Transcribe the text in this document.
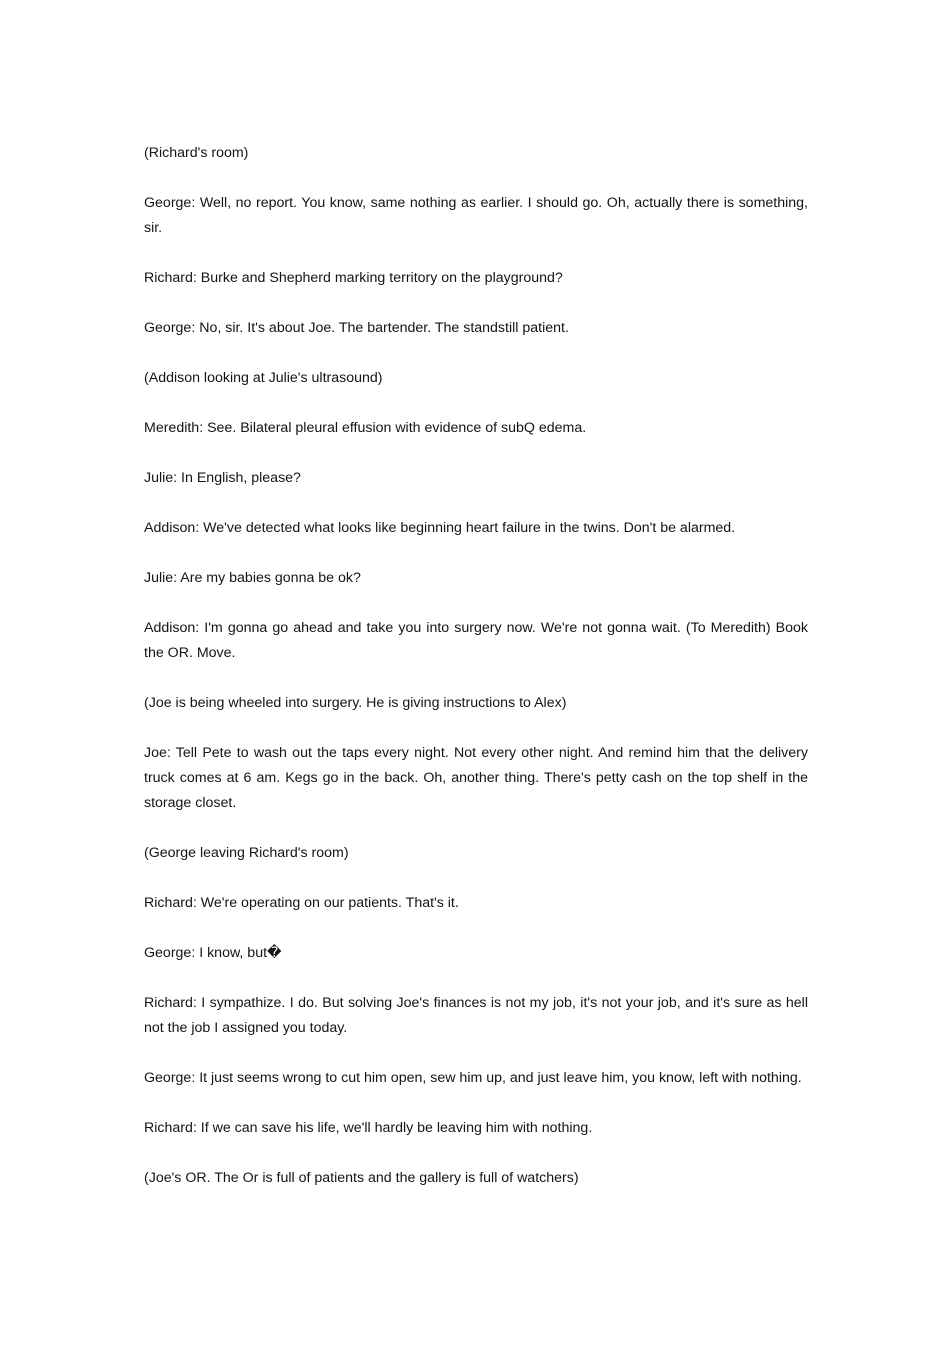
(Richard's room)

George: Well, no report. You know, same nothing as earlier. I should go. Oh, actually there is something, sir.

Richard: Burke and Shepherd marking territory on the playground?

George: No, sir. It's about Joe. The bartender. The standstill patient.

(Addison looking at Julie's ultrasound)

Meredith: See. Bilateral pleural effusion with evidence of subQ edema.

Julie: In English, please?

Addison: We've detected what looks like beginning heart failure in the twins. Don't be alarmed.

Julie: Are my babies gonna be ok?

Addison: I'm gonna go ahead and take you into surgery now. We're not gonna wait. (To Meredith) Book the OR. Move.

(Joe is being wheeled into surgery. He is giving instructions to Alex)

Joe: Tell Pete to wash out the taps every night. Not every other night. And remind him that the delivery truck comes at 6 am. Kegs go in the back. Oh, another thing. There's petty cash on the top shelf in the storage closet.

(George leaving Richard's room)

Richard: We're operating on our patients. That's it.

George: I know, but�

Richard: I sympathize. I do. But solving Joe's finances is not my job, it's not your job, and it's sure as hell not the job I assigned you today.

George: It just seems wrong to cut him open, sew him up, and just leave him, you know, left with nothing.

Richard: If we can save his life, we'll hardly be leaving him with nothing.

(Joe's OR. The Or is full of patients and the gallery is full of watchers)
